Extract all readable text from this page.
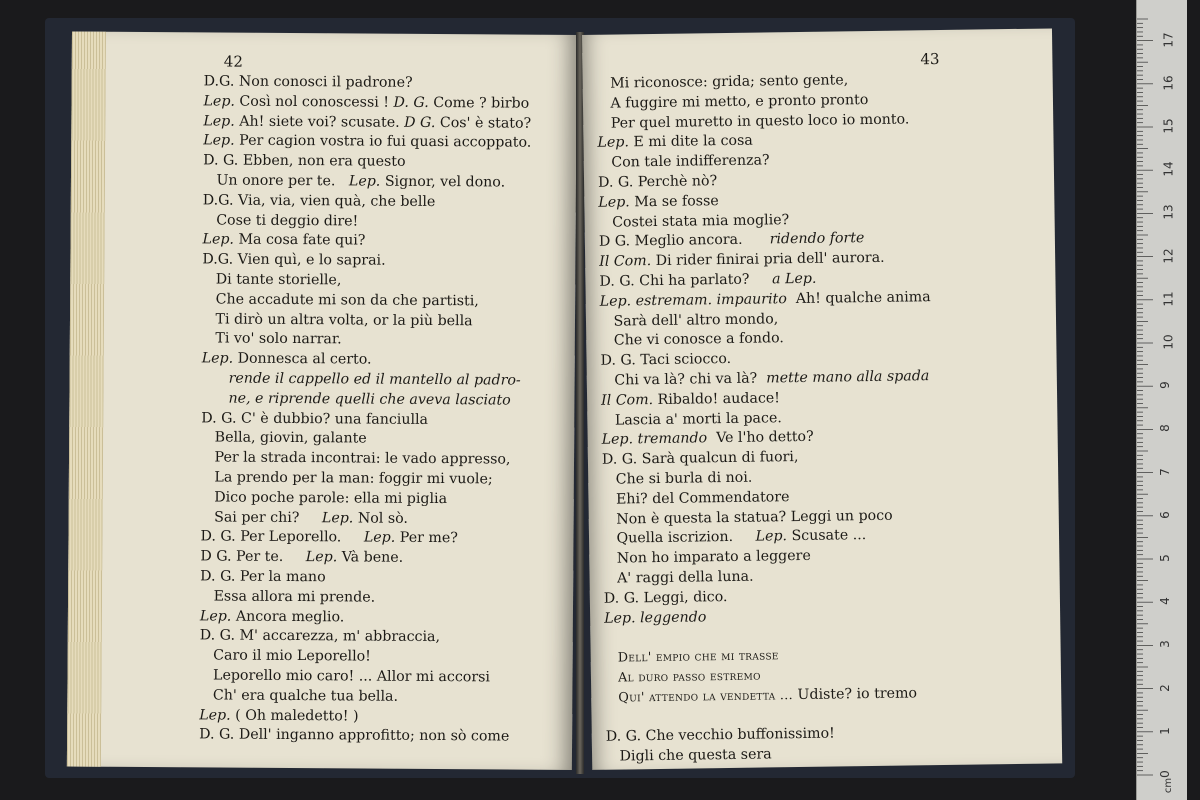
42
D.G. Non conosci il padrone?
Lep. Così nol conoscessi ! D. G. Come ? birbo
Lep. Ah! siete voi? scusate. D G. Cos' è stato?
Lep. Per cagion vostra io fui quasi accoppato.
D. G. Ebben, non era questo
Un onore per te.   Lep. Signor, vel dono.
D.G. Via, via, vien quà, che belle
Cose ti deggio dire!
Lep. Ma cosa fate qui?
D.G. Vien quì, e lo saprai.
Di tante storielle,
Che accadute mi son da che partisti,
Ti dirò un altra volta, or la più bella
Ti vo' solo narrar.
Lep. Donnesca al certo.
rende il cappello ed il mantello al padro-
ne, e riprende quelli che aveva lasciato
D. G. C' è dubbio? una fanciulla
Bella, giovin, galante
Per la strada incontrai: le vado appresso,
La prendo per la man: foggir mi vuole;
Dico poche parole: ella mi piglia
Sai per chi?     Lep. Nol sò.
D. G. Per Leporello.     Lep. Per me?
D G. Per te.     Lep. Và bene.
D. G. Per la mano
Essa allora mi prende.
Lep. Ancora meglio.
D. G. M' accarezza, m' abbraccia,
Caro il mio Leporello!
Leporello mio caro! ... Allor mi accorsi
Ch' era qualche tua bella.
Lep. ( Oh maledetto! )
D. G. Dell' inganno approfitto; non sò come
43
Mi riconosce: grida; sento gente,
A fuggire mi metto, e pronto pronto
Per quel muretto in questo loco io monto.
Lep. E mi dite la cosa
Con tale indifferenza?
D. G. Perchè nò?
Lep. Ma se fosse
Costei stata mia moglie?
D G. Meglio ancora.      ridendo forte
Il Com. Di rider finirai pria dell' aurora.
D. G. Chi ha parlato?     a Lep.
Lep. estremam. impaurito  Ah! qualche anima
Sarà dell' altro mondo,
Che vi conosce a fondo.
D. G. Taci sciocco.
Chi va là? chi va là?  mette mano alla spada
Il Com. Ribaldo! audace!
Lascia a' morti la pace.
Lep. tremando  Ve l'ho detto?
D. G. Sarà qualcun di fuori,
Che si burla di noi.
Ehi? del Commendatore
Non è questa la statua? Leggi un poco
Quella iscrizion.     Lep. Scusate ...
Non ho imparato a leggere
A' raggi della luna.
D. G. Leggi, dico.
Lep. leggendo

Dell' empio che mi trasse
Al duro passo estremo
Qui' attendo la vendetta ... Udiste? io tremo

D. G. Che vecchio buffonissimo!
Digli che questa sera
0
1
2
3
4
5
6
7
8
9
10
11
12
13
14
15
16
17
cm
